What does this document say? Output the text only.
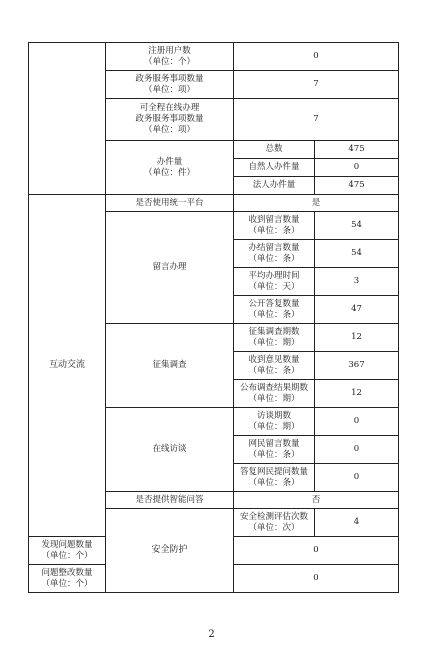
	注册用户数
（单位：个）	0	

	政务服务事项数量
（单位：项）	7	

	可全程在线办理
政务服务事项数量
（单位：项）	7	

	办件量
（单位：件）	总数	475
		自然人办件量	0
		法人办件量	475
互动交流	是否使用统一平台	是	
	留言办理	收到留言数量
（单位：条）	54

		办结留言数量
（单位：条）	54

		平均办理时间
（单位：天）	3

		公开答复数量
（单位：条）	47
	征集调查	征集调查期数
（单位：期）	12

		收到意见数量
（单位：条）	367

		公布调查结果期数
（单位：期）	12
	在线访谈	访谈期数
（单位：期）	0

		网民留言数量
（单位：条）	0

		答复网民提问数量
（单位：条）	0
	是否提供智能问答	否	
	安全防护	安全检测评估次数
（单位：次）	4

发现问题数量
（单位：个）		0	

问题整改数量
（单位：个）		0	
2
